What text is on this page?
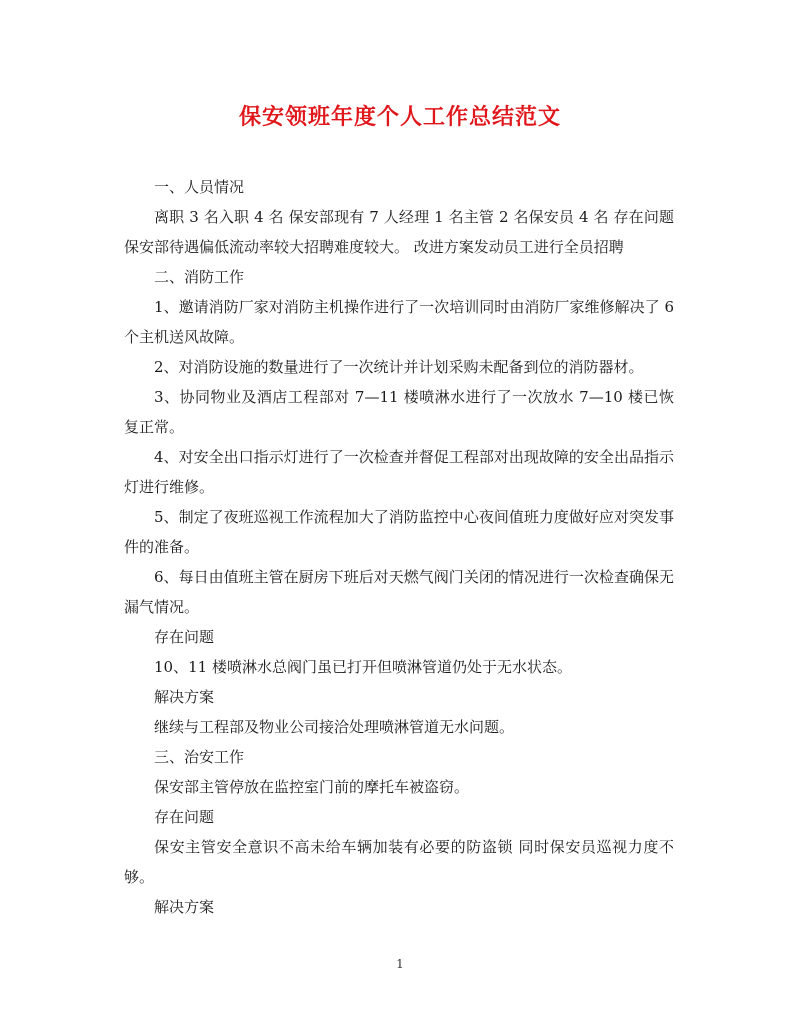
保安领班年度个人工作总结范文

一、人员情况

离职 3 名入职 4 名 保安部现有 7 人经理 1 名主管 2 名保安员 4 名 存在问题 保安部待遇偏低流动率较大招聘难度较大。 改进方案发动员工进行全员招聘

二、消防工作

1、邀请消防厂家对消防主机操作进行了一次培训同时由消防厂家维修解决了 6 个主机送风故障。

2、对消防设施的数量进行了一次统计并计划采购未配备到位的消防器材。

3、协同物业及酒店工程部对 7—11 楼喷淋水进行了一次放水 7—10 楼已恢复正常。

4、对安全出口指示灯进行了一次检查并督促工程部对出现故障的安全出品指示灯进行维修。

5、制定了夜班巡视工作流程加大了消防监控中心夜间值班力度做好应对突发事件的准备。

6、每日由值班主管在厨房下班后对天燃气阀门关闭的情况进行一次检查确保无漏气情况。

存在问题

10、11 楼喷淋水总阀门虽已打开但喷淋管道仍处于无水状态。

解决方案

继续与工程部及物业公司接洽处理喷淋管道无水问题。

三、治安工作

保安部主管停放在监控室门前的摩托车被盗窃。

存在问题

保安主管安全意识不高未给车辆加装有必要的防盗锁 同时保安员巡视力度不够。

解决方案

1
